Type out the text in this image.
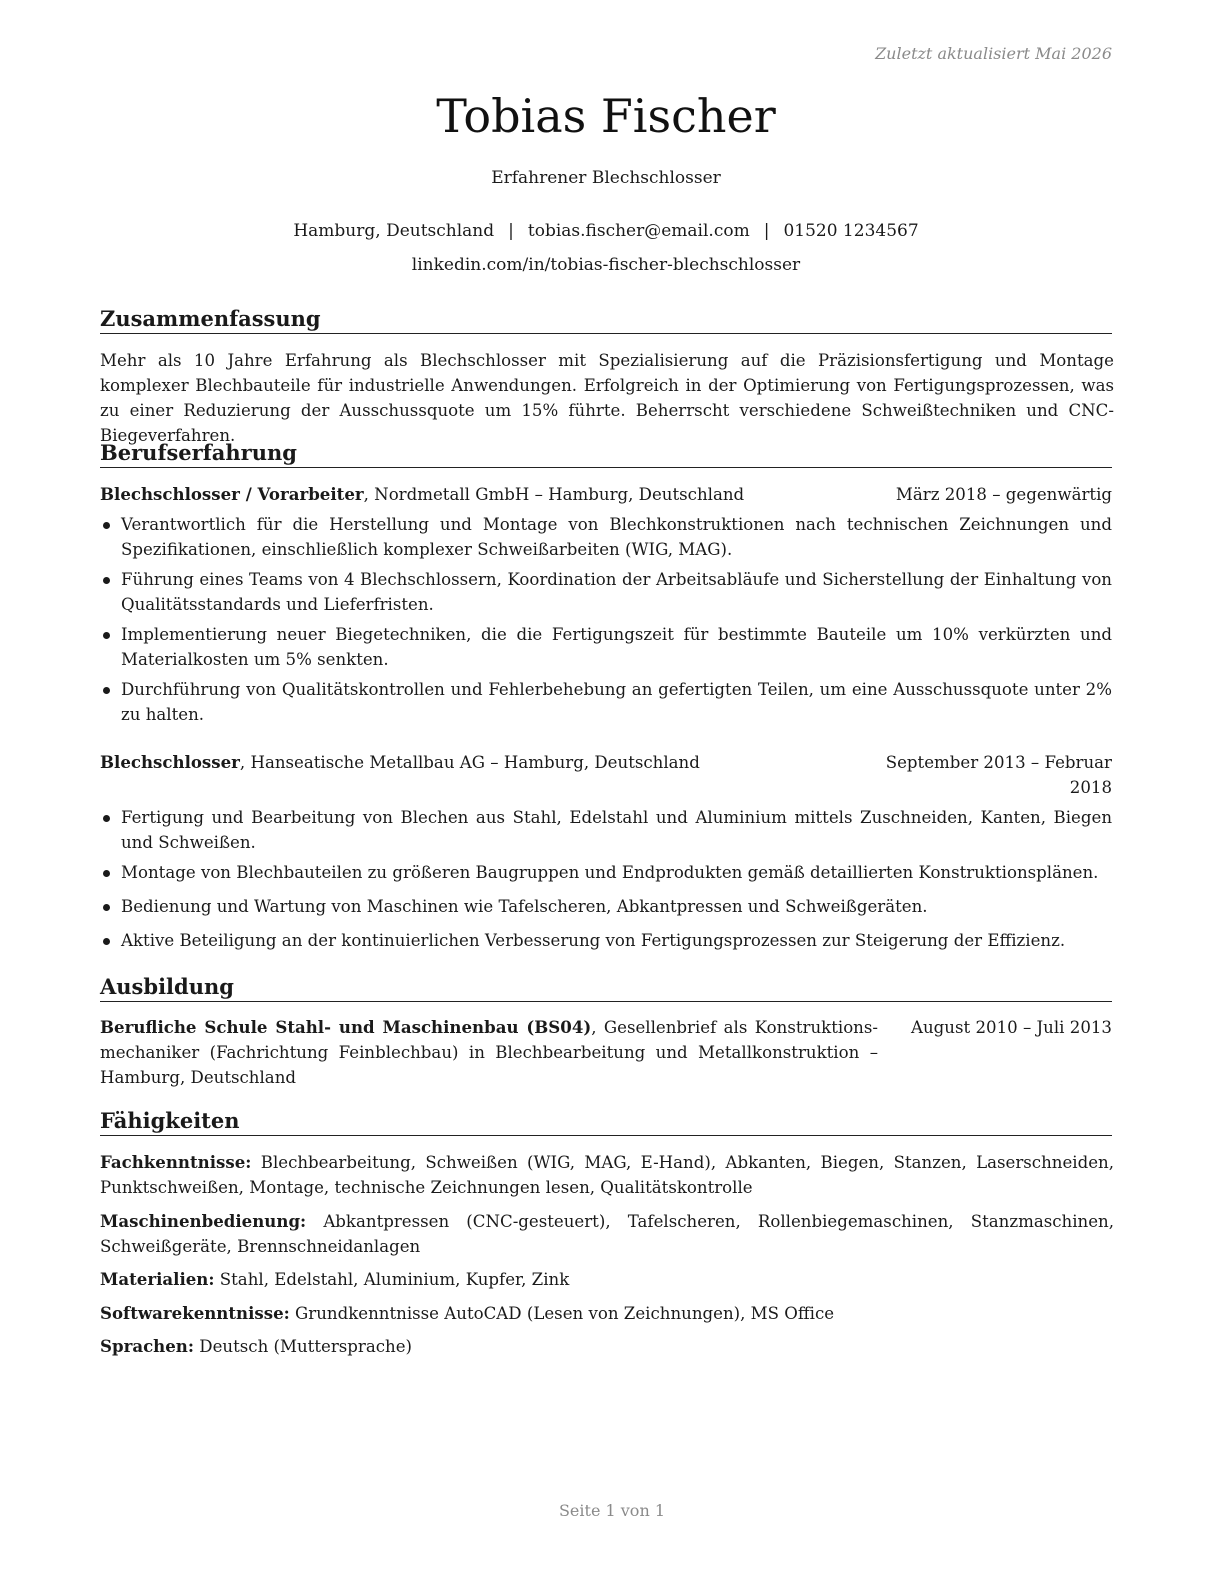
Zuletzt aktualisiert Mai 2026
Tobias Fischer
Erfahrener Blechschlosser
Hamburg, Deutschland | tobias.fischer@email.com | 01520 1234567
linkedin.com/in/tobias-fischer-blechschlosser
Zusammenfassung
Mehr als 10 Jahre Erfahrung als Blechschlosser mit Spezialisierung auf die Präzisionsfertigung und Montage komplexer Blechbauteile für industrielle Anwendungen. Erfolgreich in der Optimierung von Fertigungsprozessen, was zu einer Reduzierung der Ausschussquote um 15% führte. Beherrscht verschiedene Schweißtechniken und CNC-Biegeverfahren.
Berufserfahrung
Blechschlosser / Vorarbeiter, Nordmetall GmbH – Hamburg, Deutschland	März 2018 – gegenwärtig
Verantwortlich für die Herstellung und Montage von Blechkonstruktionen nach technischen Zeichnungen und Spezifikationen, einschließlich komplexer Schweißarbeiten (WIG, MAG).
Führung eines Teams von 4 Blechschlossern, Koordination der Arbeitsabläufe und Sicherstellung der Einhaltung von Qualitätsstandards und Lieferfristen.
Implementierung neuer Biegetechniken, die die Fertigungszeit für bestimmte Bauteile um 10% verkürzten und Materialkosten um 5% senkten.
Durchführung von Qualitätskontrollen und Fehlerbehebung an gefertigten Teilen, um eine Ausschussquote unter 2% zu halten.
Blechschlosser, Hanseatische Metallbau AG – Hamburg, Deutschland	September 2013 – Februar
2018
Fertigung und Bearbeitung von Blechen aus Stahl, Edelstahl und Aluminium mittels Zuschneiden, Kanten, Biegen und Schweißen.
Montage von Blechbauteilen zu größeren Baugruppen und Endprodukten gemäß detaillierten Konstruktionsplänen.
Bedienung und Wartung von Maschinen wie Tafelscheren, Abkantpressen und Schweißgeräten.
Aktive Beteiligung an der kontinuierlichen Verbesserung von Fertigungsprozessen zur Steigerung der Effizienz.
Ausbildung
Berufliche Schule Stahl- und Maschinenbau (BS04), Gesellenbrief als Konstruktionsmechaniker (Fachrichtung Feinblechbau) in Blechbearbeitung und Metallkonstruktion – Hamburg, Deutschland
August 2010 – Juli 2013
Fähigkeiten
Fachkenntnisse: Blechbearbeitung, Schweißen (WIG, MAG, E-Hand), Abkanten, Biegen, Stanzen, Laserschneiden, Punktschweißen, Montage, technische Zeichnungen lesen, Qualitätskontrolle
Maschinenbedienung: Abkantpressen (CNC-gesteuert), Tafelscheren, Rollenbiegemaschinen, Stanzmaschinen, Schweißgeräte, Brennschneidanlagen
Materialien: Stahl, Edelstahl, Aluminium, Kupfer, Zink
Softwarekenntnisse: Grundkenntnisse AutoCAD (Lesen von Zeichnungen), MS Office
Sprachen: Deutsch (Muttersprache)
Seite 1 von 1
